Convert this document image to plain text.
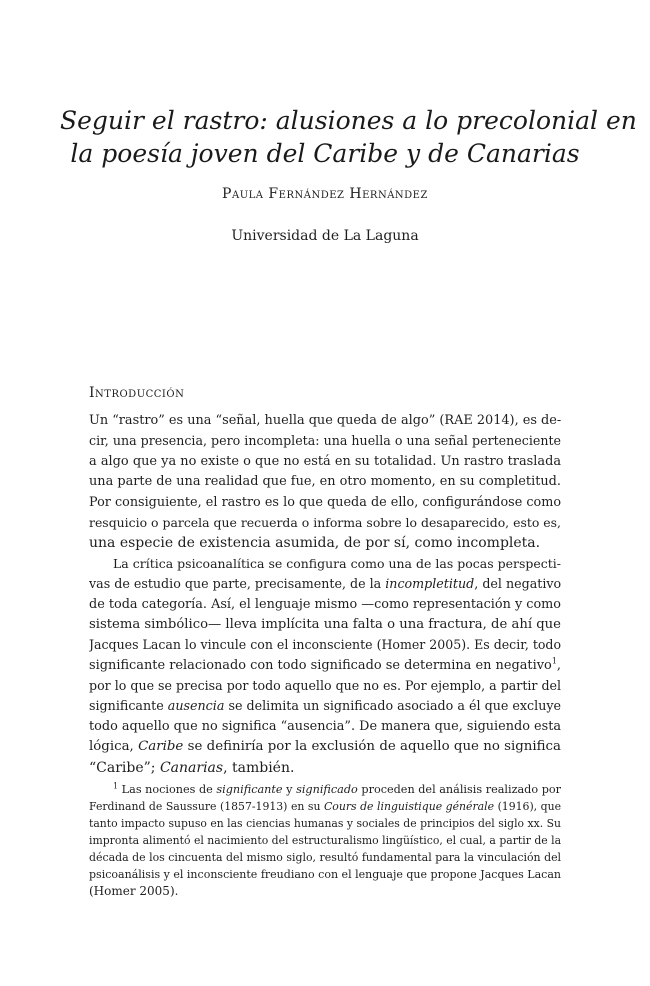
Seguir el rastro: alusiones a lo precolonial en
la poesía joven del Caribe y de Canarias
Paula Fernández Hernández
Universidad de La Laguna
Introducción
Un “rastro” es una “señal, huella que queda de algo” (RAE 2014), es de-
cir, una presencia, pero incompleta: una huella o una señal perteneciente
a algo que ya no existe o que no está en su totalidad. Un rastro traslada
una parte de una realidad que fue, en otro momento, en su completitud.
Por consiguiente, el rastro es lo que queda de ello, configurándose como
resquicio o parcela que recuerda o informa sobre lo desaparecido, esto es,
una especie de existencia asumida, de por sí, como incompleta.
La crítica psicoanalítica se configura como una de las pocas perspecti-
vas de estudio que parte, precisamente, de la incompletitud, del negativo
de toda categoría. Así, el lenguaje mismo —como representación y como
sistema simbólico— lleva implícita una falta o una fractura, de ahí que
Jacques Lacan lo vincule con el inconsciente (Homer 2005). Es decir, todo
significante relacionado con todo significado se determina en negativo$^1$,
por lo que se precisa por todo aquello que no es. Por ejemplo, a partir del
significante ausencia se delimita un significado asociado a él que excluye
todo aquello que no significa “ausencia”. De manera que, siguiendo esta
lógica, Caribe se definiría por la exclusión de aquello que no significa
“Caribe”; Canarias, también.
$^1$ Las nociones de significante y significado proceden del análisis realizado por
Ferdinand de Saussure (1857-1913) en su Cours de linguistique générale (1916), que
tanto impacto supuso en las ciencias humanas y sociales de principios del siglo xx. Su
impronta alimentó el nacimiento del estructuralismo lingüístico, el cual, a partir de la
década de los cincuenta del mismo siglo, resultó fundamental para la vinculación del
psicoanálisis y el inconsciente freudiano con el lenguaje que propone Jacques Lacan
(Homer 2005).
